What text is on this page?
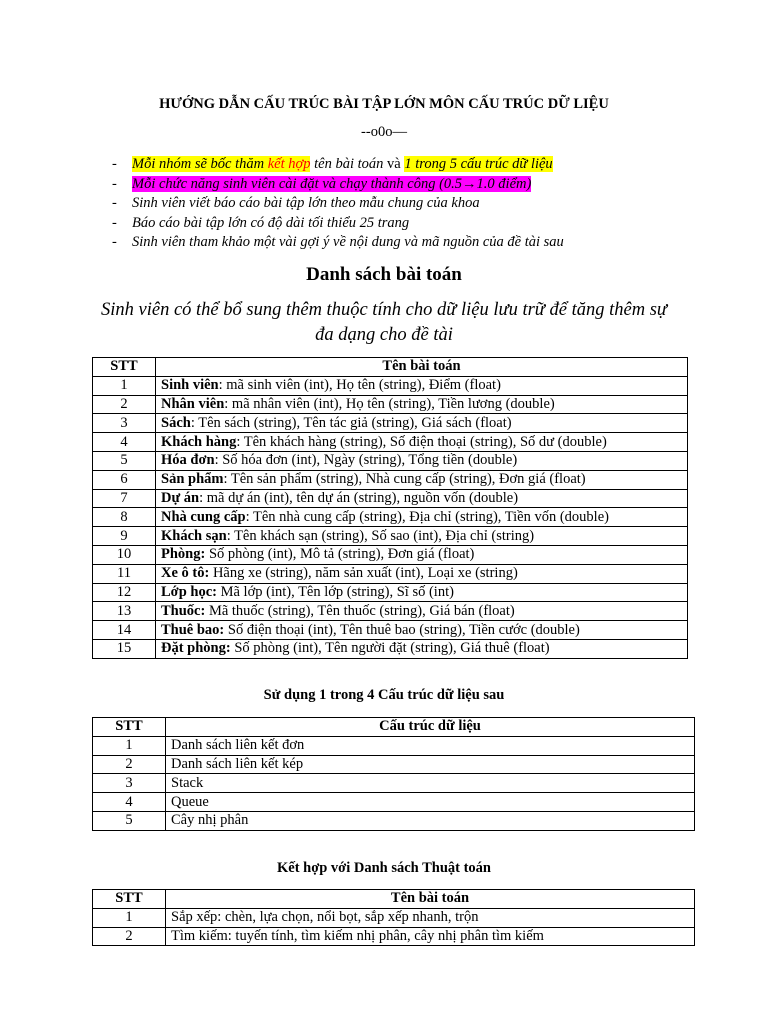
HƯỚNG DẪN CẤU TRÚC BÀI TẬP LỚN MÔN CẤU TRÚC DỮ LIỆU
--o0o—
- Mỗi nhóm sẽ bốc thăm kết hợp tên bài toán và 1 trong 5 cấu trúc dữ liệu
- Mỗi chức năng sinh viên cài đặt và chạy thành công (0.5→1.0 điểm)
- Sinh viên viết báo cáo bài tập lớn theo mẫu chung của khoa
- Báo cáo bài tập lớn có độ dài tối thiểu 25 trang
- Sinh viên tham khảo một vài gợi ý về nội dung và mã nguồn của đề tài sau
Danh sách bài toán
Sinh viên có thể bổ sung thêm thuộc tính cho dữ liệu lưu trữ để tăng thêm sự đa dạng cho đề tài
STT	Tên bài toán
1	Sinh viên: mã sinh viên (int), Họ tên (string), Điểm (float)
2	Nhân viên: mã nhân viên (int), Họ tên (string), Tiền lương (double)
3	Sách: Tên sách (string), Tên tác giả (string), Giá sách (float)
4	Khách hàng: Tên khách hàng (string), Số điện thoại (string), Số dư (double)
5	Hóa đơn: Số hóa đơn (int), Ngày (string), Tổng tiền (double)
6	Sản phẩm: Tên sản phẩm (string), Nhà cung cấp (string), Đơn giá (float)
7	Dự án: mã dự án (int), tên dự án (string), nguồn vốn (double)
8	Nhà cung cấp: Tên nhà cung cấp (string), Địa chỉ (string), Tiền vốn (double)
9	Khách sạn: Tên khách sạn (string), Số sao (int), Địa chỉ (string)
10	Phòng: Số phòng (int), Mô tả (string), Đơn giá (float)
11	Xe ô tô: Hãng xe (string), năm sản xuất (int), Loại xe (string)
12	Lớp học: Mã lớp (int), Tên lớp (string), Sĩ số (int)
13	Thuốc: Mã thuốc (string), Tên thuốc (string), Giá bán (float)
14	Thuê bao: Số điện thoại (int), Tên thuê bao (string), Tiền cước (double)
15	Đặt phòng: Số phòng (int), Tên người đặt (string), Giá thuê (float)
Sử dụng 1 trong 4 Cấu trúc dữ liệu sau
STT	Cấu trúc dữ liệu
1	Danh sách liên kết đơn
2	Danh sách liên kết kép
3	Stack
4	Queue
5	Cây nhị phân
Kết hợp với Danh sách Thuật toán
STT	Tên bài toán
1	Sắp xếp: chèn, lựa chọn, nổi bọt, sắp xếp nhanh, trộn
2	Tìm kiếm: tuyến tính, tìm kiếm nhị phân, cây nhị phân tìm kiếm
